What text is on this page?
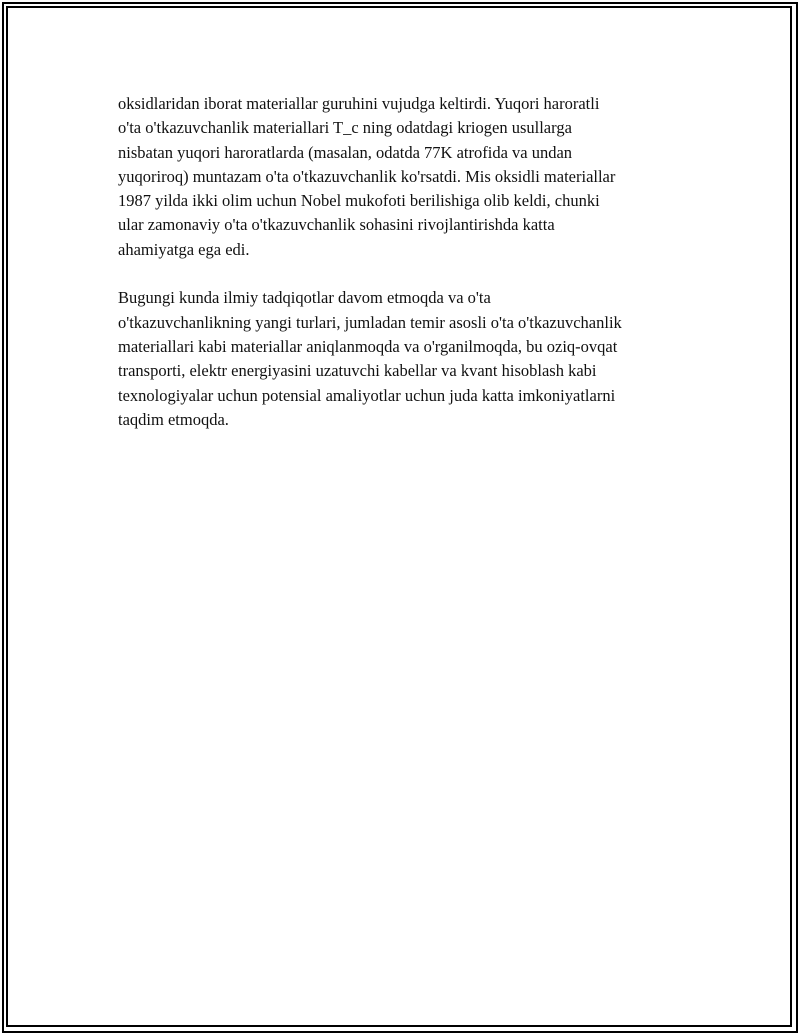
oksidlaridan iborat materiallar guruhini vujudga keltirdi. Yuqori haroratli
o'ta o'tkazuvchanlik materiallari T_c ning odatdagi kriogen usullarga
nisbatan yuqori haroratlarda (masalan, odatda 77K atrofida va undan
yuqoriroq) muntazam o'ta o'tkazuvchanlik ko'rsatdi. Mis oksidli materiallar
1987 yilda ikki olim uchun Nobel mukofoti berilishiga olib keldi, chunki
ular zamonaviy o'ta o'tkazuvchanlik sohasini rivojlantirishda katta
ahamiyatga ega edi.

Bugungi kunda ilmiy tadqiqotlar davom etmoqda va o'ta
o'tkazuvchanlikning yangi turlari, jumladan temir asosli o'ta o'tkazuvchanlik
materiallari kabi materiallar aniqlanmoqda va o'rganilmoqda, bu oziq-ovqat
transporti, elektr energiyasini uzatuvchi kabellar va kvant hisoblash kabi
texnologiyalar uchun potensial amaliyotlar uchun juda katta imkoniyatlarni
taqdim etmoqda.
